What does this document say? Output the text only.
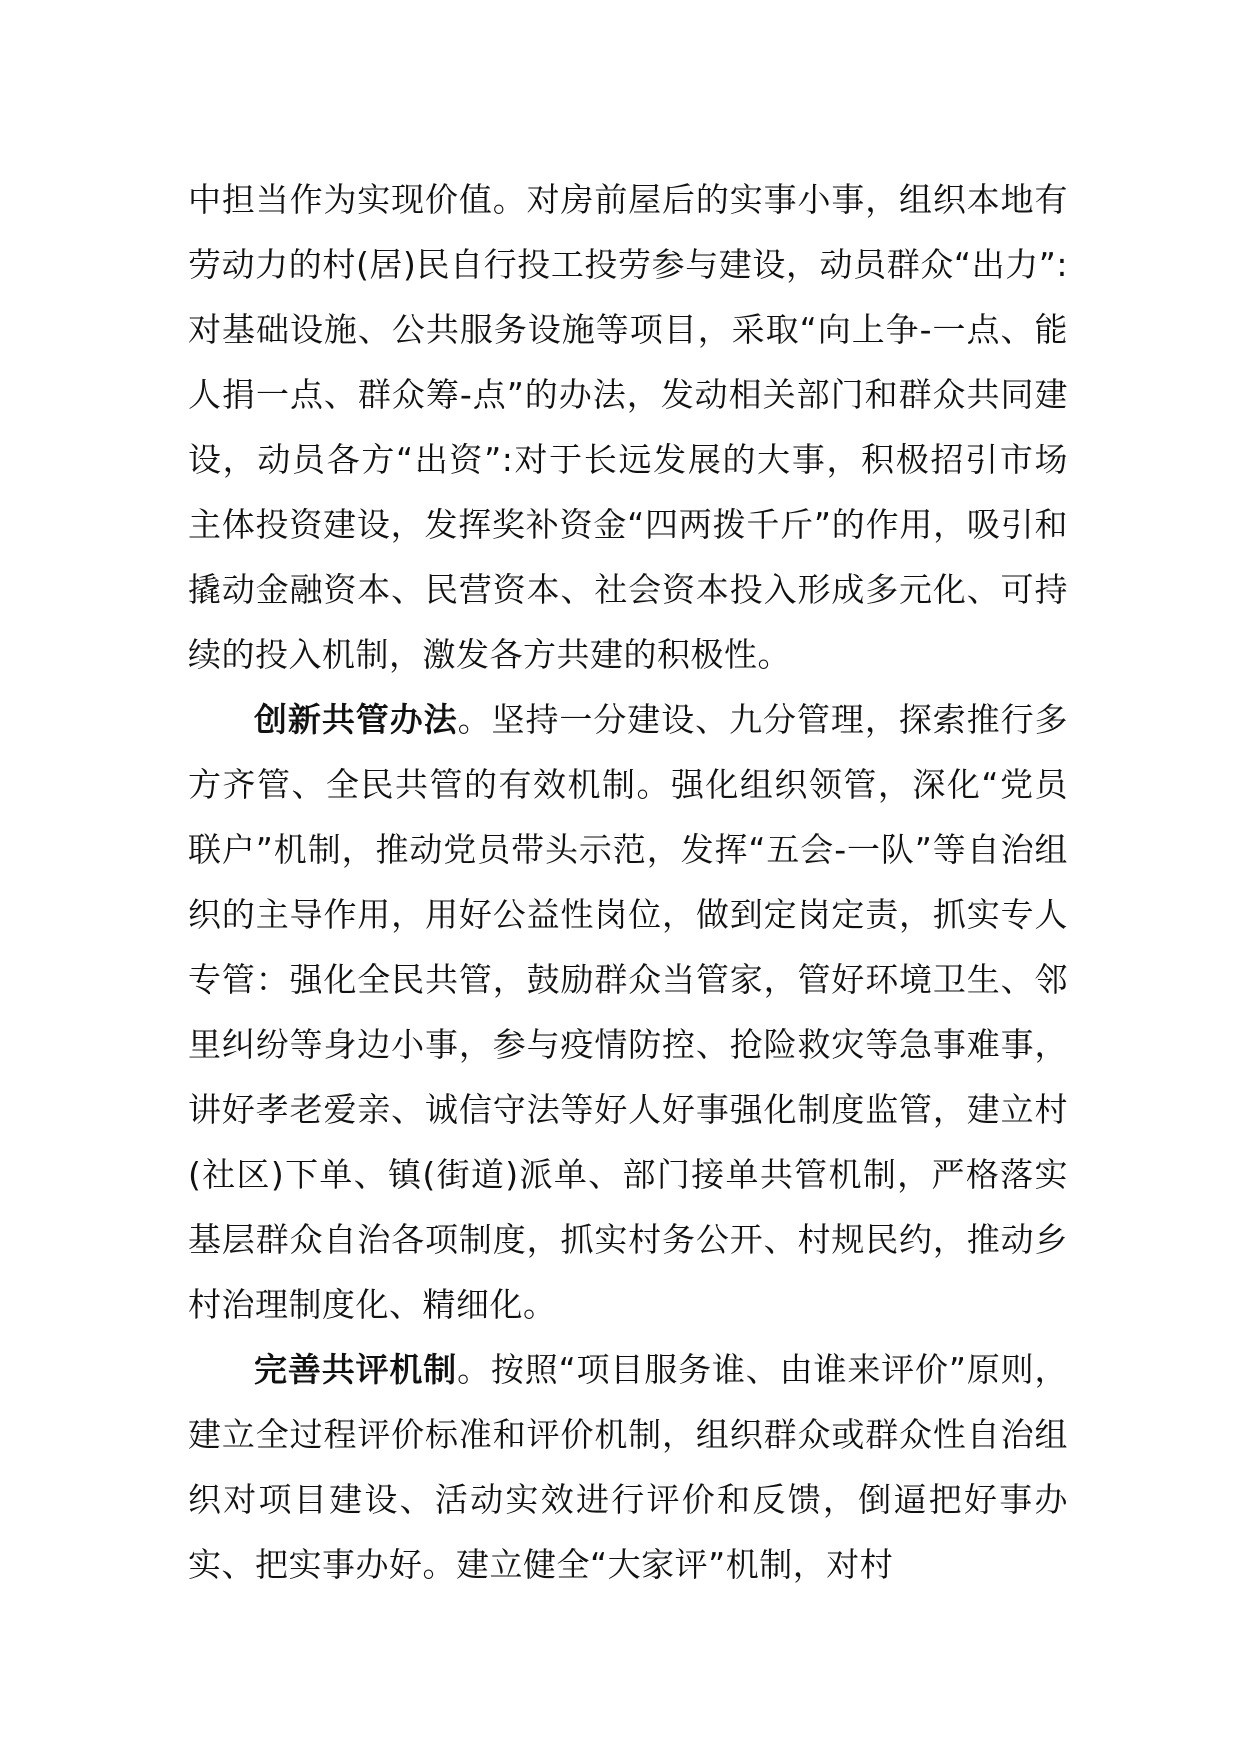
中担当作为实现价值。对房前屋后的实事小事，组织本地有劳动力的村(居)民自行投工投劳参与建设，动员群众“出力”:对基础设施、公共服务设施等项目，采取“向上争-一点、能人捐一点、群众筹-点”的办法，发动相关部门和群众共同建设，动员各方“出资”:对于长远发展的大事，积极招引市场主体投资建设，发挥奖补资金“四两拨千斤”的作用，吸引和撬动金融资本、民营资本、社会资本投入形成多元化、可持续的投入机制，激发各方共建的积极性。

创新共管办法。坚持一分建设、九分管理，探索推行多方齐管、全民共管的有效机制。强化组织领管，深化“党员联户”机制，推动党员带头示范，发挥“五会-一队”等自治组织的主导作用，用好公益性岗位，做到定岗定责，抓实专人专管：强化全民共管，鼓励群众当管家，管好环境卫生、邻里纠纷等身边小事，参与疫情防控、抢险救灾等急事难事，讲好孝老爱亲、诚信守法等好人好事强化制度监管，建立村(社区)下单、镇(街道)派单、部门接单共管机制，严格落实基层群众自治各项制度，抓实村务公开、村规民约，推动乡村治理制度化、精细化。

完善共评机制。按照“项目服务谁、由谁来评价”原则，建立全过程评价标准和评价机制，组织群众或群众性自治组织对项目建设、活动实效进行评价和反馈，倒逼把好事办实、把实事办好。建立健全“大家评”机制，对村
